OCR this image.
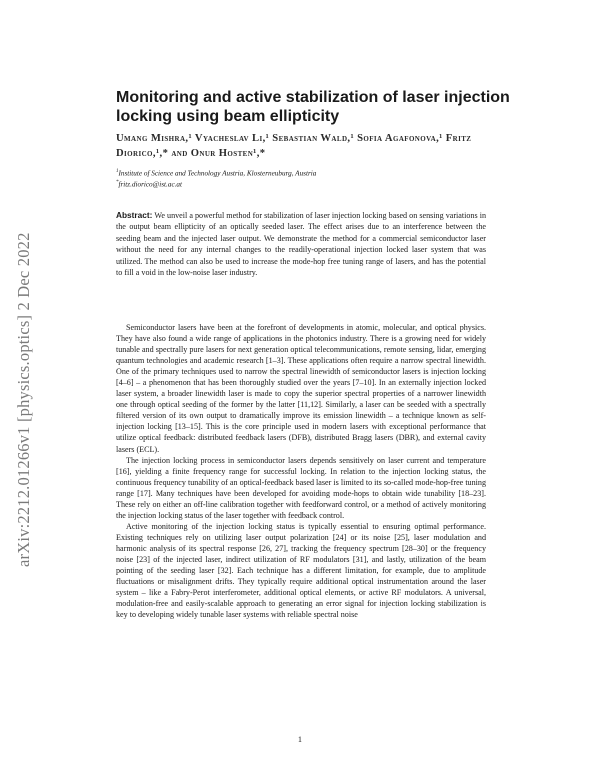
arXiv:2212.01266v1 [physics.optics] 2 Dec 2022
Monitoring and active stabilization of laser injection locking using beam ellipticity
Umang Mishra,¹ Vyacheslav Li,¹ Sebastian Wald,¹ Sofia Agafonova,¹ Fritz Diorico,¹,* and Onur Hosten¹,*
$^1$Institute of Science and Technology Austria, Klosterneuburg, Austria
*fritz.diorico@ist.ac.at

Abstract: We unveil a powerful method for stabilization of laser injection locking based on sensing variations in the output beam ellipticity of an optically seeded laser. The effect arises due to an interference between the seeding beam and the injected laser output. We demonstrate the method for a commercial semiconductor laser without the need for any internal changes to the readily-operational injection locked laser system that was utilized. The method can also be used to increase the mode-hop free tuning range of lasers, and has the potential to fill a void in the low-noise laser industry.

Semiconductor lasers have been at the forefront of developments in atomic, molecular, and optical physics. They have also found a wide range of applications in the photonics industry. There is a growing need for widely tunable and spectrally pure lasers for next generation optical telecommunications, remote sensing, lidar, emerging quantum technologies and academic research [1–3]. These applications often require a narrow spectral linewidth. One of the primary techniques used to narrow the spectral linewidth of semiconductor lasers is injection locking [4–6] – a phenomenon that has been thoroughly studied over the years [7–10]. In an externally injection locked laser system, a broader linewidth laser is made to copy the superior spectral properties of a narrower linewidth one through optical seeding of the former by the latter [11,12]. Similarly, a laser can be seeded with a spectrally filtered version of its own output to dramatically improve its emission linewidth – a technique known as self-injection locking [13–15]. This is the core principle used in modern lasers with exceptional performance that utilize optical feedback: distributed feedback lasers (DFB), distributed Bragg lasers (DBR), and external cavity lasers (ECL).

The injection locking process in semiconductor lasers depends sensitively on laser current and temperature [16], yielding a finite frequency range for successful locking. In relation to the injection locking status, the continuous frequency tunability of an optical-feedback based laser is limited to its so-called mode-hop-free tuning range [17]. Many techniques have been developed for avoiding mode-hops to obtain wide tunability [18–23]. These rely on either an off-line calibration together with feedforward control, or a method of actively monitoring the injection locking status of the laser together with feedback control.

Active monitoring of the injection locking status is typically essential to ensuring optimal performance. Existing techniques rely on utilizing laser output polarization [24] or its noise [25], laser modulation and harmonic analysis of its spectral response [26, 27], tracking the frequency spectrum [28–30] or the frequency noise [23] of the injected laser, indirect utilization of RF modulators [31], and lastly, utilization of the beam pointing of the seeding laser [32]. Each technique has a different limitation, for example, due to amplitude fluctuations or misalignment drifts. They typically require additional optical instrumentation around the laser system – like a Fabry-Perot interferometer, additional optical elements, or active RF modulators. A universal, modulation-free and easily-scalable approach to generating an error signal for injection locking stabilization is key to developing widely tunable laser systems with reliable spectral noise

1
